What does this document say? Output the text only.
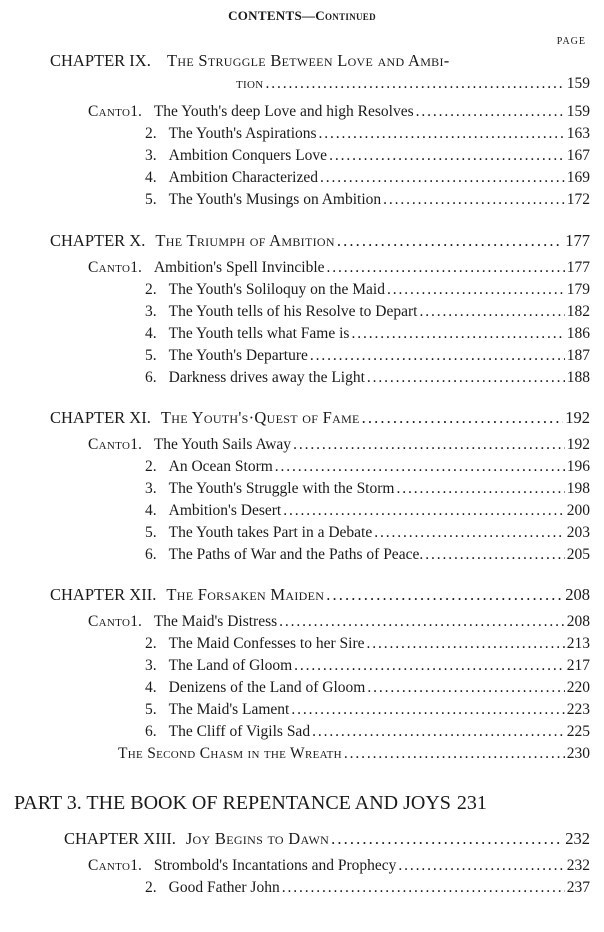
CONTENTS—Continued
PAGE
CHAPTER IX. The Struggle Between Love and Ambi-
tion . . .	159
Canto 1. The Youth's deep Love and high Resolves . . .	159
2. The Youth's Aspirations . . .	163
3. Ambition Conquers Love . . .	167
4. Ambition Characterized . . .	169
5. The Youth's Musings on Ambition . . .	172
CHAPTER X. The Triumph of Ambition . . .	177
Canto 1. Ambition's Spell Invincible . . .	177
2. The Youth's Soliloquy on the Maid . . .	179
3. The Youth tells of his Resolve to Depart . . .	182
4. The Youth tells what Fame is . . .	186
5. The Youth's Departure . . .	187
6. Darkness drives away the Light . . .	188
CHAPTER XI. The Youth's·Quest of Fame . . .	192
Canto 1. The Youth Sails Away . . .	192
2. An Ocean Storm . . .	196
3. The Youth's Struggle with the Storm . . .	198
4. Ambition's Desert . . .	200
5. The Youth takes Part in a Debate . . .	203
6. The Paths of War and the Paths of Peace. . . .	205
CHAPTER XII. The Forsaken Maiden . . .	208
Canto 1. The Maid's Distress . . .	208
2. The Maid Confesses to her Sire . . .	213
3. The Land of Gloom . . .	217
4. Denizens of the Land of Gloom . . .	220
5. The Maid's Lament . . .	223
6. The Cliff of Vigils Sad . . .	225
The Second Chasm in the Wreath . . .	230
PART 3. THE BOOK OF REPENTANCE AND JOYS 231
CHAPTER XIII. Joy Begins to Dawn . . .	232
Canto 1. Strombold's Incantations and Prophecy . . .	232
2. Good Father John . . .	237
